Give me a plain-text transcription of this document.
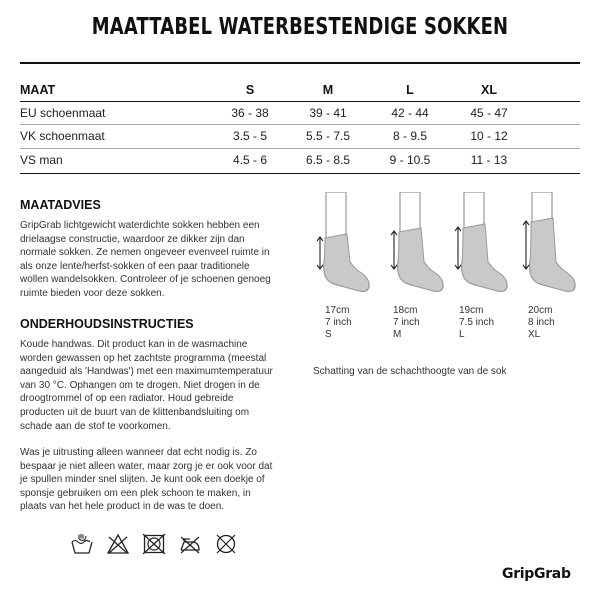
MAATTABEL WATERBESTENDIGE SOKKEN
MAAT	S	M	L	XL
EU schoenmaat	36 - 38	39 - 41	42 - 44	45 - 47
VK schoenmaat	3.5 - 5	5.5 - 7.5	8 - 9.5	10 - 12
VS man	4.5 - 6	6.5 - 8.5	9 - 10.5	11 - 13
MAATADVIES
GripGrab lichtgewicht waterdichte sokken hebben een drielaagse constructie, waardoor ze dikker zijn dan normale sokken. Ze nemen ongeveer evenveel ruimte in als onze lente/herfst-sokken of een paar traditionele wollen wandelsokken. Controleer of je schoenen genoeg ruimte bieden voor deze sokken.
ONDERHOUDSINSTRUCTIES
Koude handwas. Dit product kan in de wasmachine worden gewassen op het zachtste programma (meestal aangeduid als 'Handwas') met een maximumtemperatuur van 30 °C. Ophangen om te drogen. Niet drogen in de droogtrommel of op een radiator. Houd gebreide producten uit de buurt van de klittenbandsluiting om schade aan de stof te voorkomen.
Was je uitrusting alleen wanneer dat echt nodig is. Zo bespaar je niet alleen water, maar zorg je er ook voor dat je spullen minder snel slijten. Je kunt ook een doekje of sponsje gebruiken om een plek schoon te maken, in plaats van het hele product in de was te doen.
17cm
7 inch
S
18cm
7 inch
M
19cm
7.5 inch
L
20cm
8 inch
XL
Schatting van de schachthoogte van de sok
GripGrab
